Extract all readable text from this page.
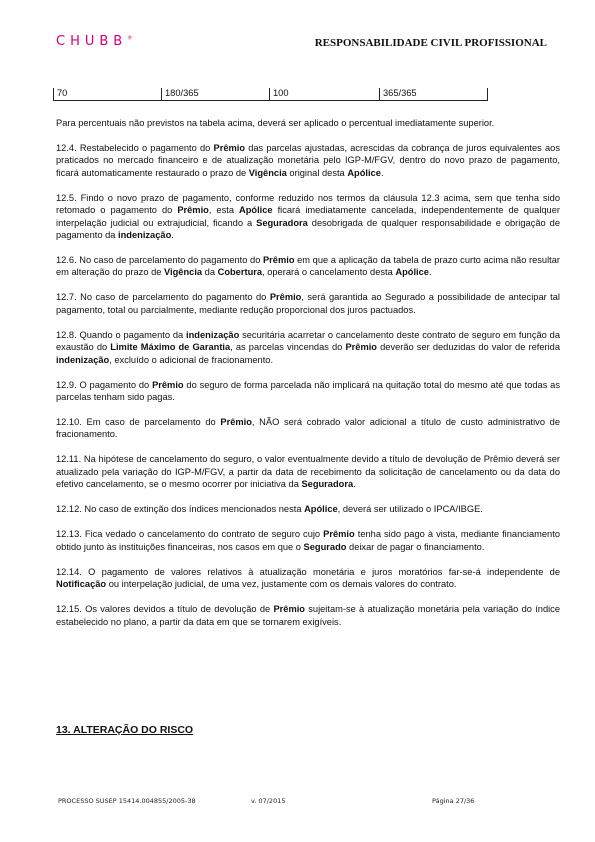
CHUBB®	RESPONSABILIDADE CIVIL PROFISSIONAL
70	180/365	100	365/365

Para percentuais não previstos na tabela acima, deverá ser aplicado o percentual imediatamente superior.

12.4. Restabelecido o pagamento do Prêmio das parcelas ajustadas, acrescidas da cobrança de juros equivalentes aos praticados no mercado financeiro e de atualização monetária pelo IGP-M/FGV, dentro do novo prazo de pagamento, ficará automaticamente restaurado o prazo de Vigência original desta Apólice.

12.5. Findo o novo prazo de pagamento, conforme reduzido nos termos da cláusula 12.3 acima, sem que tenha sido retomado o pagamento do Prêmio, esta Apólice ficará imediatamente cancelada, independentemente de qualquer interpelação judicial ou extrajudicial, ficando a Seguradora desobrigada de qualquer responsabilidade e obrigação de pagamento da indenização.

12.6. No caso de parcelamento do pagamento do Prêmio em que a aplicação da tabela de prazo curto acima não resultar em alteração do prazo de Vigência da Cobertura, operará o cancelamento desta Apólice.

12.7. No caso de parcelamento do pagamento do Prêmio, será garantida ao Segurado a possibilidade de antecipar tal pagamento, total ou parcialmente, mediante redução proporcional dos juros pactuados.

12.8. Quando o pagamento da indenização securitária acarretar o cancelamento deste contrato de seguro em função da exaustão do Limite Máximo de Garantia, as parcelas vincendas do Prêmio deverão ser deduzidas do valor de referida indenização, excluído o adicional de fracionamento.

12.9. O pagamento do Prêmio do seguro de forma parcelada não implicará na quitação total do mesmo até que todas as parcelas tenham sido pagas.

12.10. Em caso de parcelamento do Prêmio, NÃO será cobrado valor adicional a título de custo administrativo de fracionamento.

12.11. Na hipótese de cancelamento do seguro, o valor eventualmente devido a título de devolução de Prêmio deverá ser atualizado pela variação do IGP-M/FGV, a partir da data de recebimento da solicitação de cancelamento ou da data do efetivo cancelamento, se o mesmo ocorrer por iniciativa da Seguradora.

12.12. No caso de extinção dos índices mencionados nesta Apólice, deverá ser utilizado o IPCA/IBGE.

12.13. Fica vedado o cancelamento do contrato de seguro cujo Prêmio tenha sido pago à vista, mediante financiamento obtido junto às instituições financeiras, nos casos em que o Segurado deixar de pagar o financiamento.

12.14. O pagamento de valores relativos à atualização monetária e juros moratórios far-se-á independente de Notificação ou interpelação judicial, de uma vez, justamente com os demais valores do contrato.

12.15. Os valores devidos a título de devolução de Prêmio sujeitam-se à atualização monetária pela variação do índice estabelecido no plano, a partir da data em que se tornarem exigíveis.

13. ALTERAÇÃO DO RISCO
PROCESSO SUSEP 15414.004855/2005-38	v. 07/2015	Página 27/36
